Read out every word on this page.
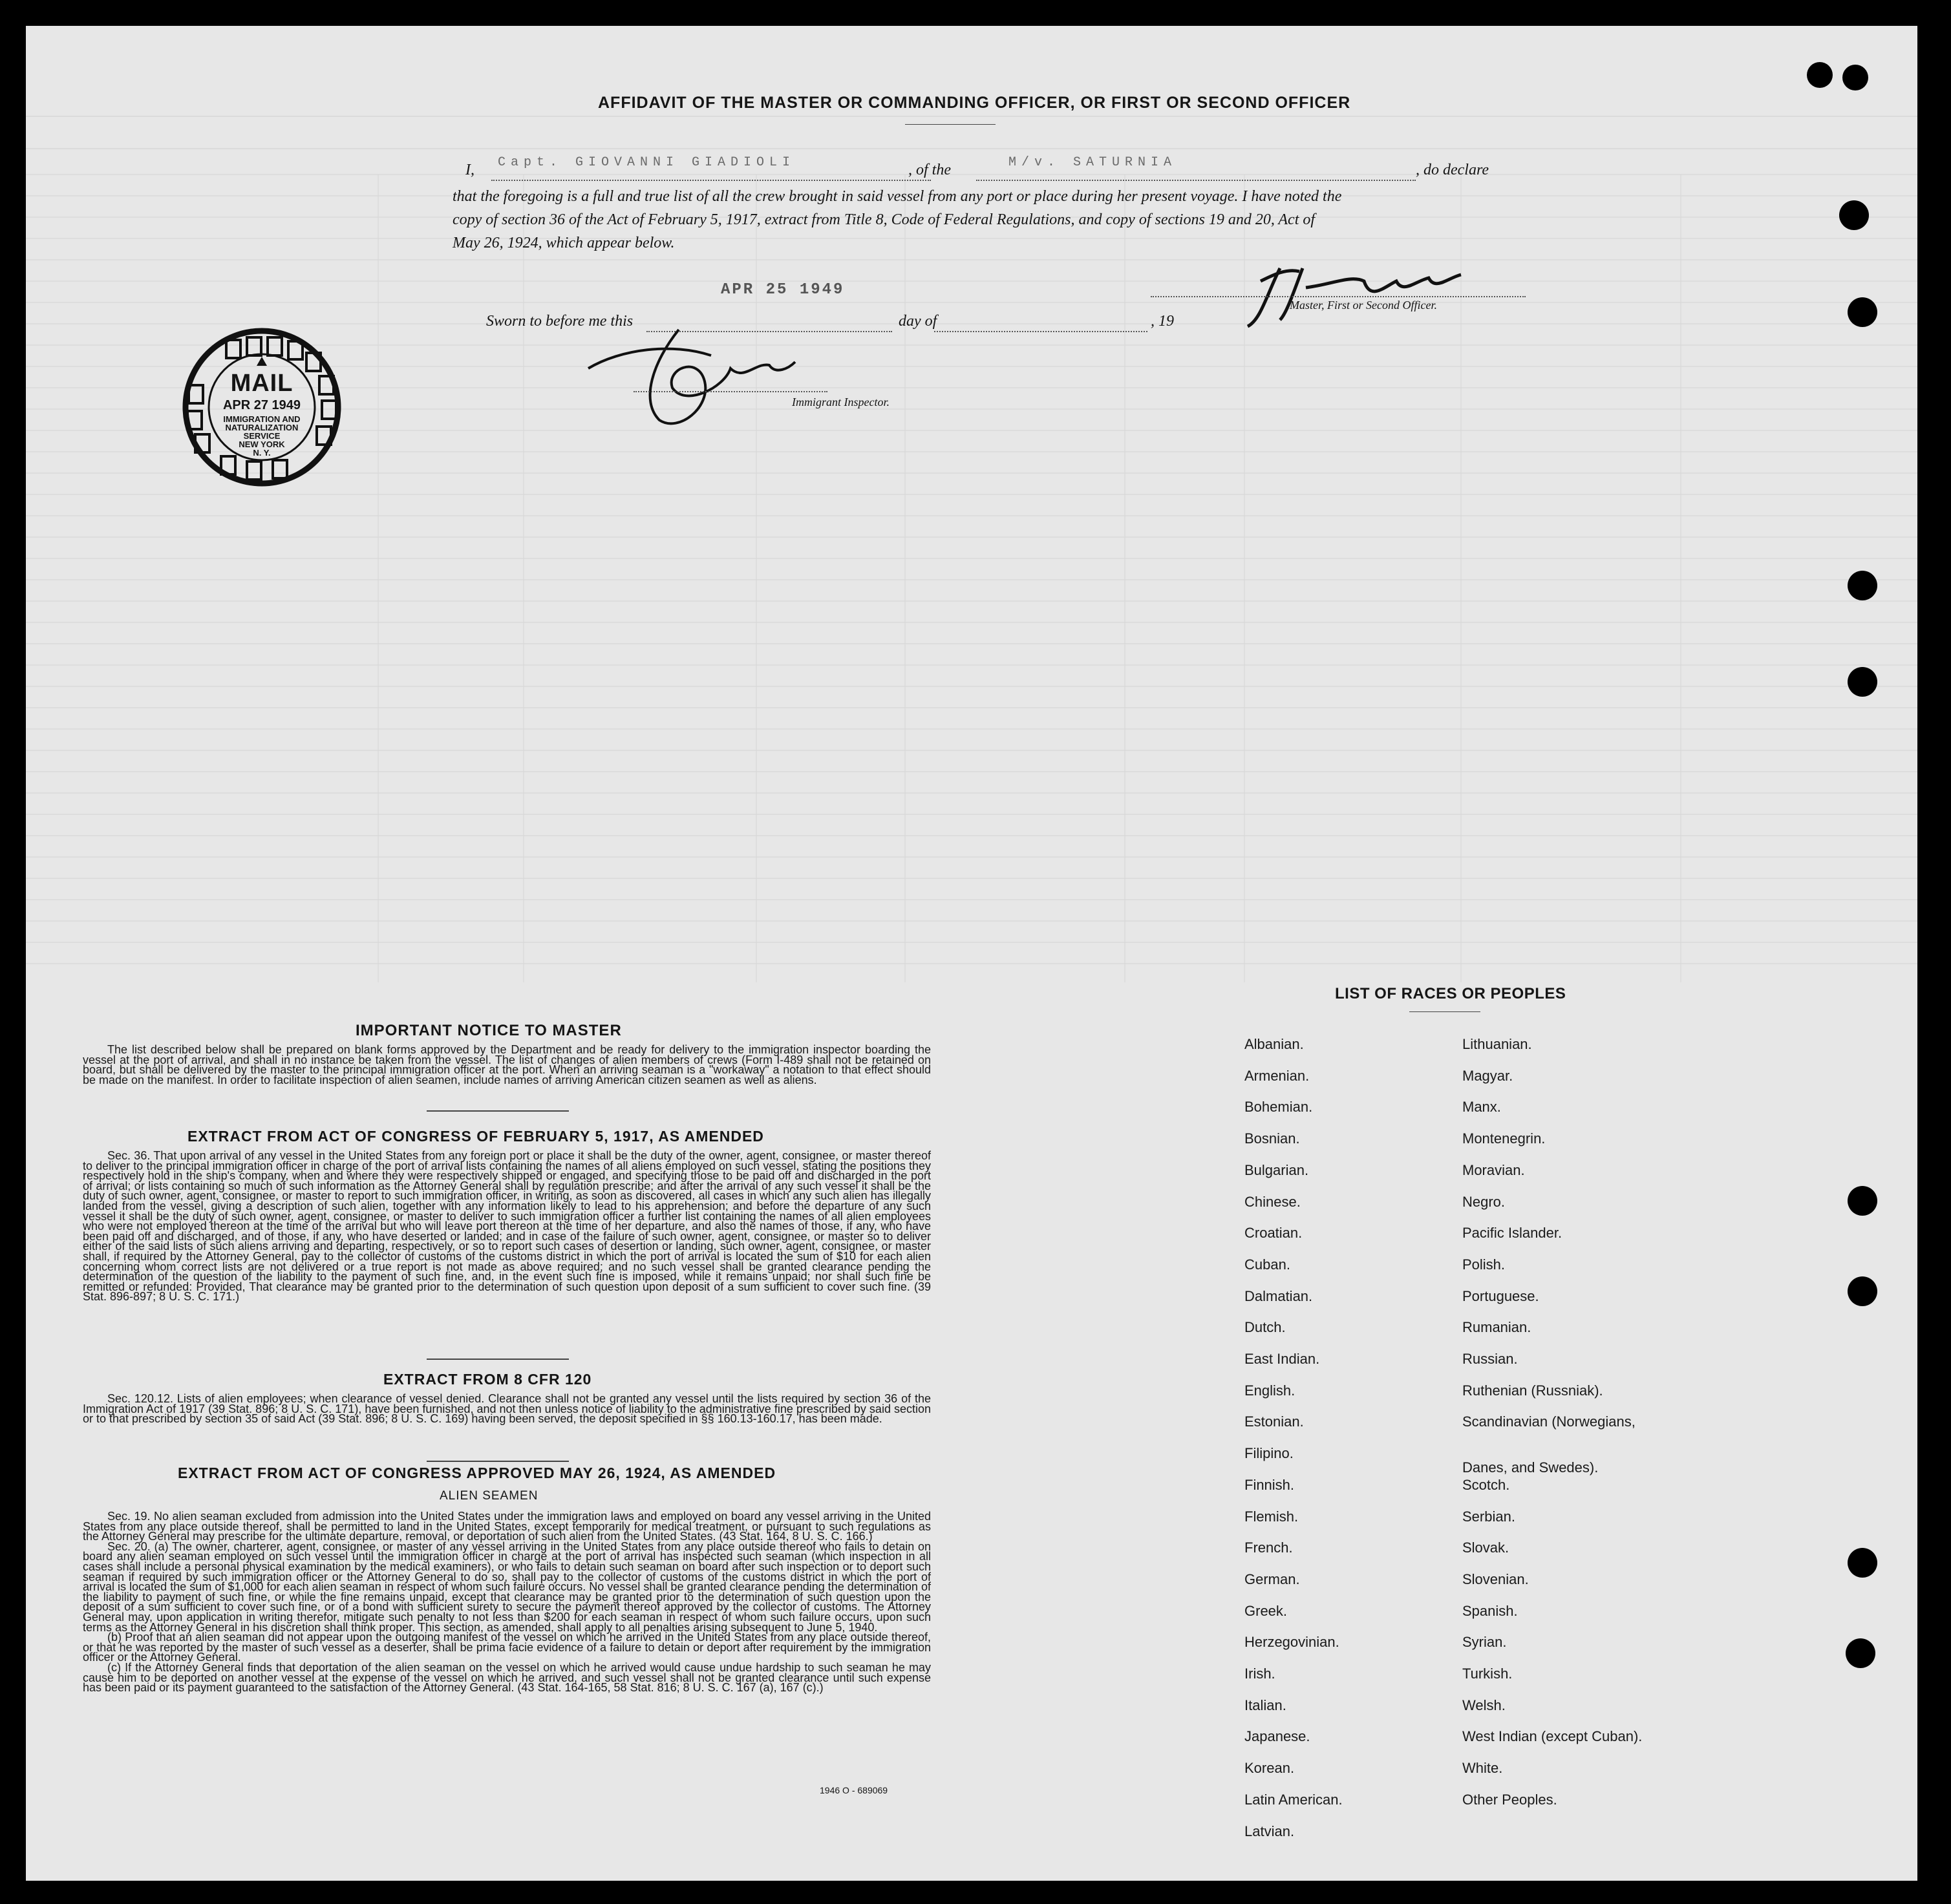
AFFIDAVIT OF THE MASTER OR COMMANDING OFFICER, OR FIRST OR SECOND OFFICER
I, Capt. GIOVANNI GIADIOLI	, of the	M/v. SATURNIA	, do declare
that the foregoing is a full and true list of all the crew brought in said vessel from any port or place during her present voyage. I have noted the
copy of section 36 of the Act of February 5, 1917, extract from Title 8, Code of Federal Regulations, and copy of sections 19 and 20, Act of
May 26, 1924, which appear below.
APR 25 1949
Master, First or Second Officer.
Sworn to before me this	day of	, 19
Immigrant Inspector.
MAIL
APR 27 1949
IMMIGRATION AND
NATURALIZATION
SERVICE
NEW YORK
N. Y.
IMPORTANT NOTICE TO MASTER

The list described below shall be prepared on blank forms approved by the Department and be ready for delivery to the immigration inspector boarding the vessel at the port of arrival, and shall in no instance be taken from the vessel. The list of changes of alien members of crews (Form I-489 shall not be retained on board, but shall be delivered by the master to the principal immigration officer at the port. When an arriving seaman is a "workaway" a notation to that effect should be made on the manifest. In order to facilitate inspection of alien seamen, include names of arriving American citizen seamen as well as aliens.

EXTRACT FROM ACT OF CONGRESS OF FEBRUARY 5, 1917, AS AMENDED

Sec. 36. That upon arrival of any vessel in the United States from any foreign port or place it shall be the duty of the owner, agent, consignee, or master thereof to deliver to the principal immigration officer in charge of the port of arrival lists containing the names of all aliens employed on such vessel, stating the positions they respectively hold in the ship's company, when and where they were respectively shipped or engaged, and specifying those to be paid off and discharged in the port of arrival; or lists containing so much of such information as the Attorney General shall by regulation prescribe; and after the arrival of any such vessel it shall be the duty of such owner, agent, consignee, or master to report to such immigration officer, in writing, as soon as discovered, all cases in which any such alien has illegally landed from the vessel, giving a description of such alien, together with any information likely to lead to his apprehension; and before the departure of any such vessel it shall be the duty of such owner, agent, consignee, or master to deliver to such immigration officer a further list containing the names of all alien employees who were not employed thereon at the time of the arrival but who will leave port thereon at the time of her departure, and also the names of those, if any, who have been paid off and discharged, and of those, if any, who have deserted or landed; and in case of the failure of such owner, agent, consignee, or master so to deliver either of the said lists of such aliens arriving and departing, respectively, or so to report such cases of desertion or landing, such owner, agent, consignee, or master shall, if required by the Attorney General, pay to the collector of customs of the customs district in which the port of arrival is located the sum of $10 for each alien concerning whom correct lists are not delivered or a true report is not made as above required; and no such vessel shall be granted clearance pending the determination of the question of the liability to the payment of such fine, and, in the event such fine is imposed, while it remains unpaid; nor shall such fine be remitted or refunded: Provided, That clearance may be granted prior to the determination of such question upon deposit of a sum sufficient to cover such fine. (39 Stat. 896-897; 8 U. S. C. 171.)

EXTRACT FROM 8 CFR 120

Sec. 120.12. Lists of alien employees; when clearance of vessel denied. Clearance shall not be granted any vessel until the lists required by section 36 of the Immigration Act of 1917 (39 Stat. 896; 8 U. S. C. 171), have been furnished, and not then unless notice of liability to the administrative fine prescribed by said section or to that prescribed by section 35 of said Act (39 Stat. 896; 8 U. S. C. 169) having been served, the deposit specified in §§ 160.13-160.17, has been made.

EXTRACT FROM ACT OF CONGRESS APPROVED MAY 26, 1924, AS AMENDED
ALIEN SEAMEN

Sec. 19. No alien seaman excluded from admission into the United States under the immigration laws and employed on board any vessel arriving in the United States from any place outside thereof, shall be permitted to land in the United States, except temporarily for medical treatment, or pursuant to such regulations as the Attorney General may prescribe for the ultimate departure, removal, or deportation of such alien from the United States. (43 Stat. 164, 8 U. S. C. 166.)

Sec. 20. (a) The owner, charterer, agent, consignee, or master of any vessel arriving in the United States from any place outside thereof who fails to detain on board any alien seaman employed on such vessel until the immigration officer in charge at the port of arrival has inspected such seaman (which inspection in all cases shall include a personal physical examination by the medical examiners), or who fails to detain such seaman on board after such inspection or to deport such seaman if required by such immigration officer or the Attorney General to do so, shall pay to the collector of customs of the customs district in which the port of arrival is located the sum of $1,000 for each alien seaman in respect of whom such failure occurs. No vessel shall be granted clearance pending the determination of the liability to payment of such fine, or while the fine remains unpaid, except that clearance may be granted prior to the determination of such question upon the deposit of a sum sufficient to cover such fine, or of a bond with sufficient surety to secure the payment thereof approved by the collector of customs. The Attorney General may, upon application in writing therefor, mitigate such penalty to not less than $200 for each seaman in respect of whom such failure occurs, upon such terms as the Attorney General in his discretion shall think proper. This section, as amended, shall apply to all penalties arising subsequent to June 5, 1940.

(b) Proof that an alien seaman did not appear upon the outgoing manifest of the vessel on which he arrived in the United States from any place outside thereof, or that he was reported by the master of such vessel as a deserter, shall be prima facie evidence of a failure to detain or deport after requirement by the immigration officer or the Attorney General.

(c) If the Attorney General finds that deportation of the alien seaman on the vessel on which he arrived would cause undue hardship to such seaman he may cause him to be deported on another vessel at the expense of the vessel on which he arrived, and such vessel shall not be granted clearance until such expense has been paid or its payment guaranteed to the satisfaction of the Attorney General. (43 Stat. 164-165, 58 Stat. 816; 8 U. S. C. 167 (a), 167 (c).)

1946 O - 689069
LIST OF RACES OR PEOPLES
Albanian.
Armenian.
Bohemian.
Bosnian.
Bulgarian.
Chinese.
Croatian.
Cuban.
Dalmatian.
Dutch.
East Indian.
English.
Estonian.
Filipino.
Finnish.
Flemish.
French.
German.
Greek.
Herzegovinian.
Irish.
Italian.
Japanese.
Korean.
Latin American.
Latvian.
Lithuanian.
Magyar.
Manx.
Montenegrin.
Moravian.
Negro.
Pacific Islander.
Polish.
Portuguese.
Rumanian.
Russian.
Ruthenian (Russniak).
Scandinavian (Norwegians,
Danes, and Swedes).
Scotch.
Serbian.
Slovak.
Slovenian.
Spanish.
Syrian.
Turkish.
Welsh.
West Indian (except Cuban).
White.
Other Peoples.
